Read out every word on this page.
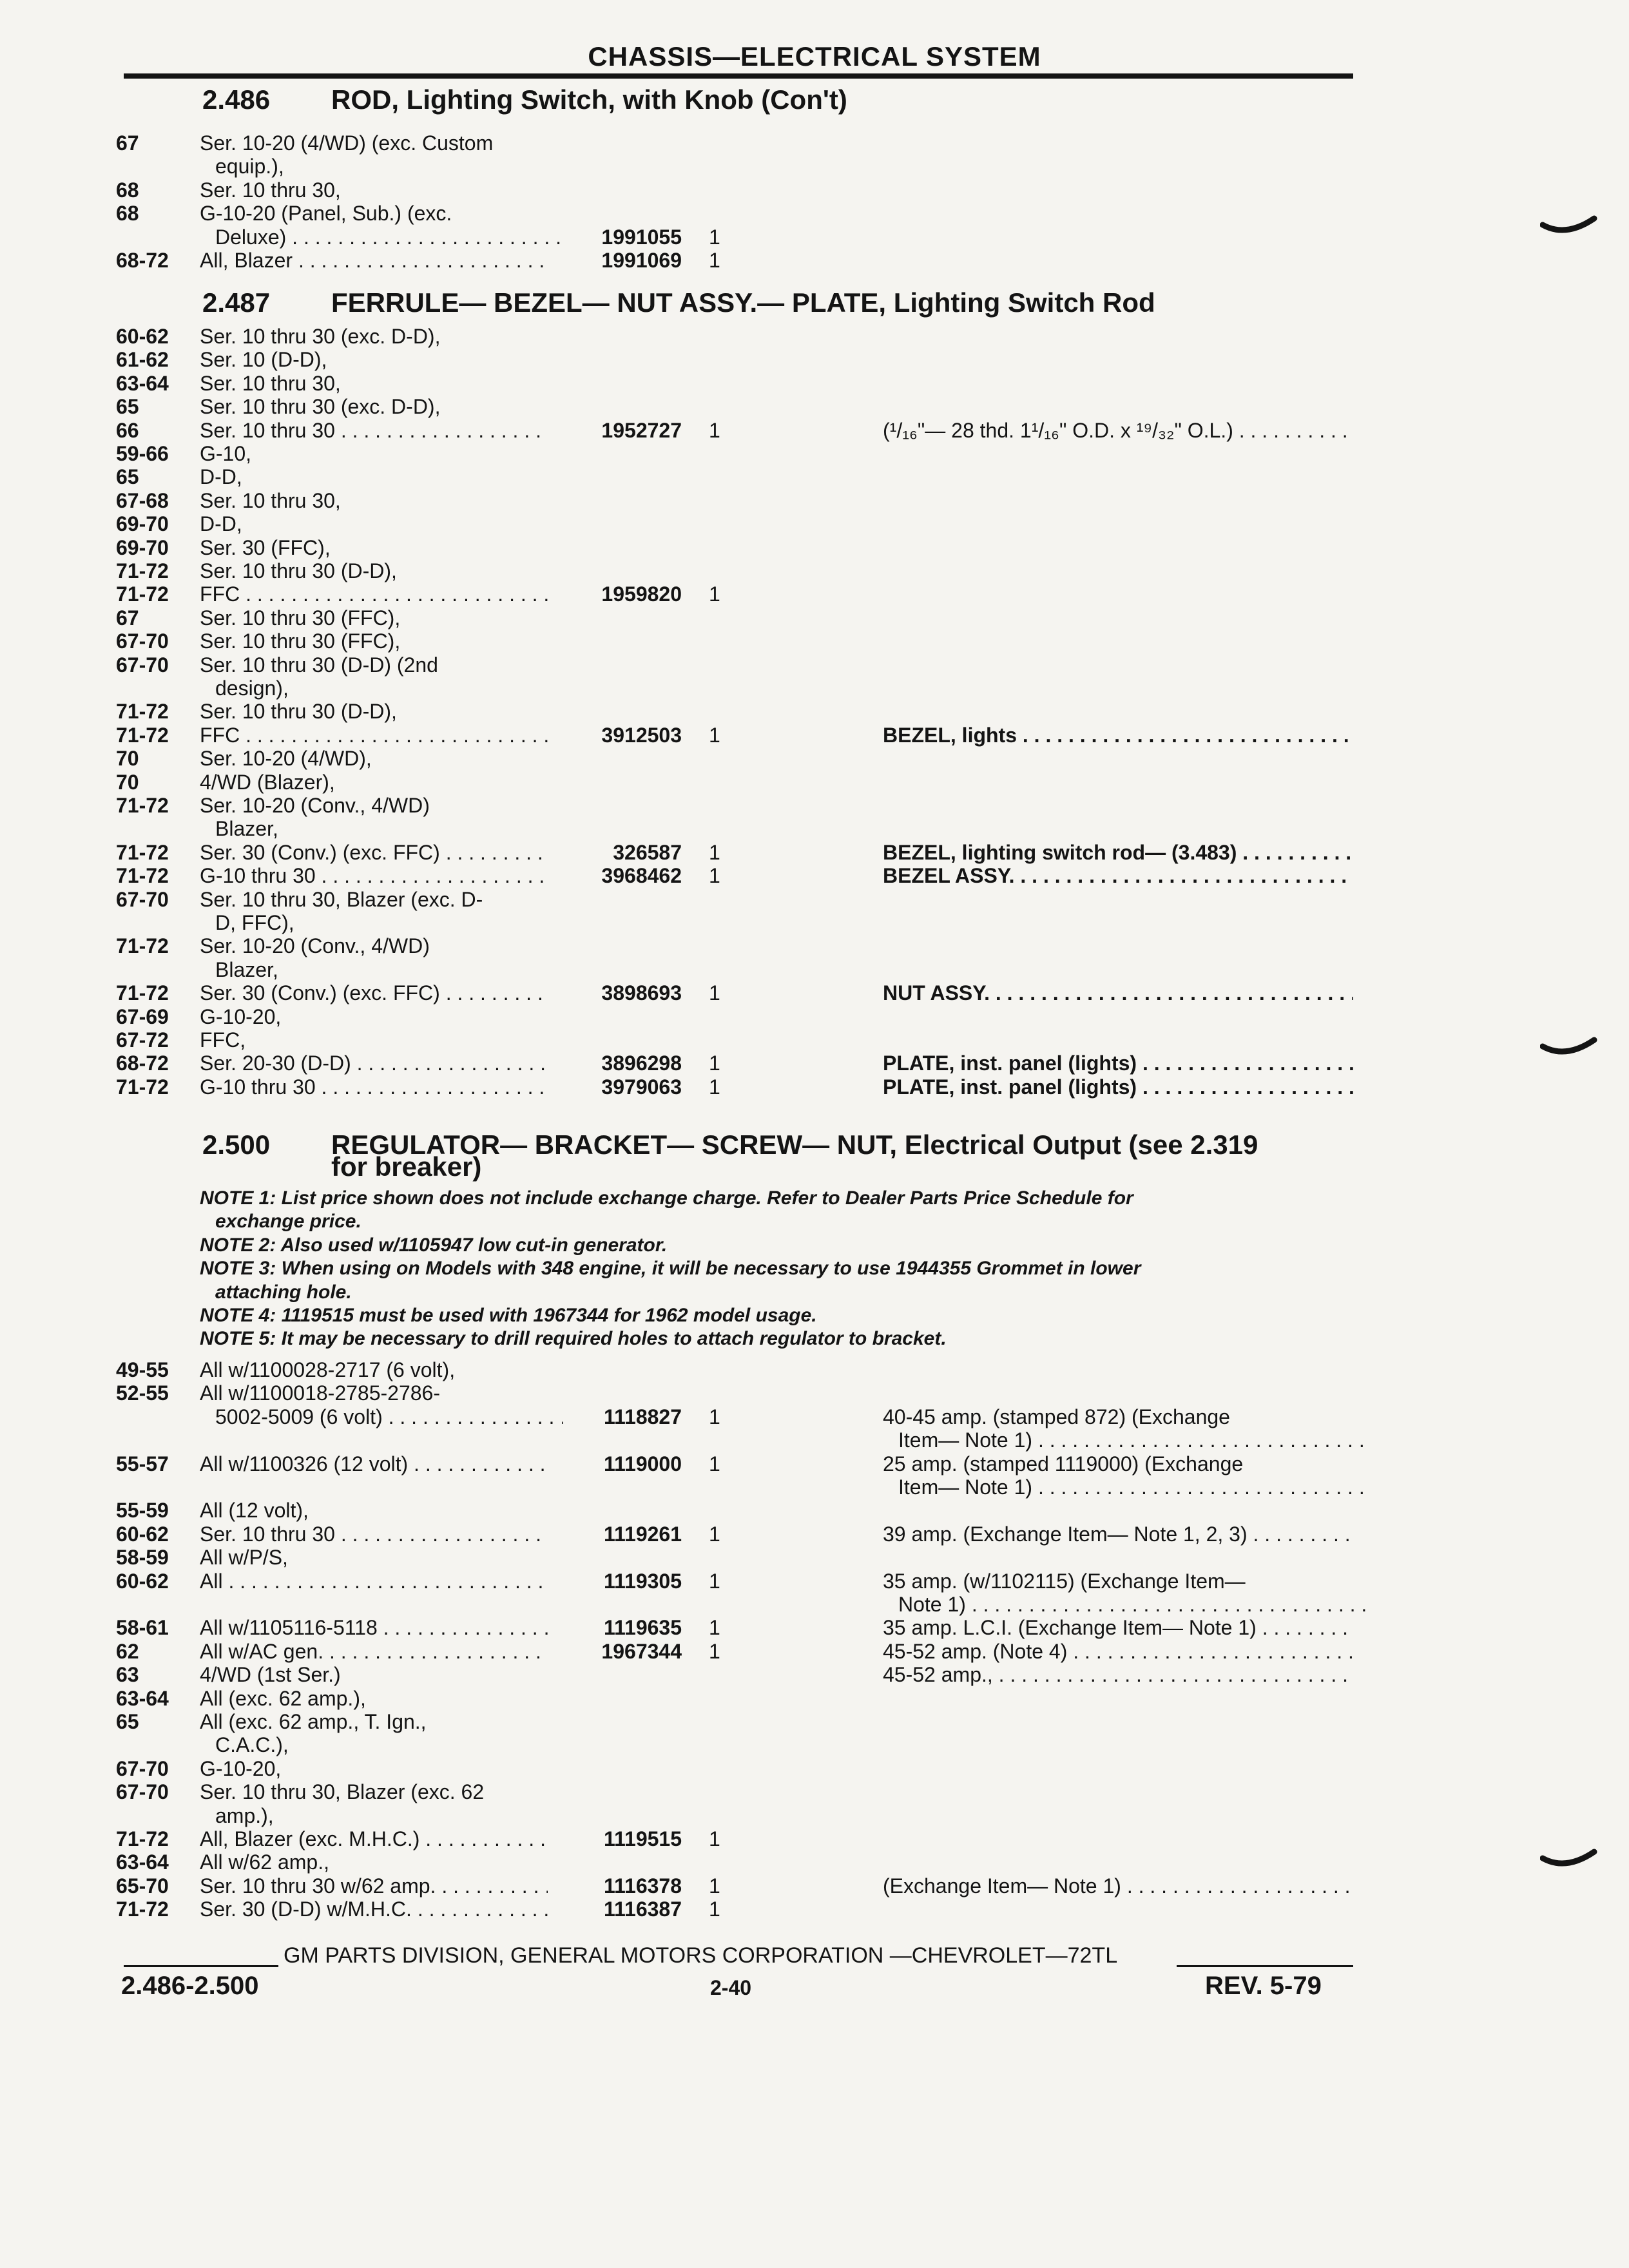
CHASSIS—ELECTRICAL SYSTEM
2.486 ROD, Lighting Switch, with Knob (Con't)
67	Ser. 10-20 (4/WD) (exc. Custom
equip.),
68	Ser. 10 thru 30,
68	G-10-20 (Panel, Sub.) (exc.
Deluxe) . . .	1991055 1
68-72 All, Blazer . . .	1991069 1
2.487 FERRULE— BEZEL— NUT ASSY.— PLATE, Lighting Switch Rod
60-62 Ser. 10 thru 30 (exc. D-D),
61-62 Ser. 10 (D-D),
63-64 Ser. 10 thru 30,
65	Ser. 10 thru 30 (exc. D-D),
66	Ser. 10 thru 30 . . .	1952727 1	(¹/₁₆"— 28 thd. 1¹/₁₆" O.D. x ¹⁹/₃₂" O.L.) . . .
59-66 G-10,
65	D-D,
67-68 Ser. 10 thru 30,
69-70 D-D,
69-70 Ser. 30 (FFC),
71-72 Ser. 10 thru 30 (D-D),
71-72 FFC . . .	1959820 1
67	Ser. 10 thru 30 (FFC),
67-70 Ser. 10 thru 30 (FFC),
67-70 Ser. 10 thru 30 (D-D) (2nd
design),
71-72 Ser. 10 thru 30 (D-D),
71-72 FFC . . .	3912503 1	BEZEL, lights . . .
70	Ser. 10-20 (4/WD),
70	4/WD (Blazer),
71-72 Ser. 10-20 (Conv., 4/WD)
Blazer,
71-72 Ser. 30 (Conv.) (exc. FFC) . . .	326587 1	BEZEL, lighting switch rod— (3.483) . . .
71-72 G-10 thru 30 . . .	3968462 1	BEZEL ASSY. . . .
67-70 Ser. 10 thru 30, Blazer (exc. D-
D, FFC),
71-72 Ser. 10-20 (Conv., 4/WD)
Blazer,
71-72 Ser. 30 (Conv.) (exc. FFC) . . .	3898693 1	NUT ASSY. . . .
67-69 G-10-20,
67-72 FFC,
68-72 Ser. 20-30 (D-D) . . .	3896298 1	PLATE, inst. panel (lights) . . .
71-72 G-10 thru 30 . . .	3979063 1	PLATE, inst. panel (lights) . . .
2.500 REGULATOR— BRACKET— SCREW— NUT, Electrical Output (see 2.319
for breaker)
NOTE 1: List price shown does not include exchange charge. Refer to Dealer Parts Price Schedule for
exchange price.
NOTE 2: Also used w/1105947 low cut-in generator.
NOTE 3: When using on Models with 348 engine, it will be necessary to use 1944355 Grommet in lower
attaching hole.
NOTE 4: 1119515 must be used with 1967344 for 1962 model usage.
NOTE 5: It may be necessary to drill required holes to attach regulator to bracket.
49-55 All w/1100028-2717 (6 volt),
52-55 All w/1100018-2785-2786-
5002-5009 (6 volt) . . .	1118827 1	40-45 amp. (stamped 872) (Exchange
Item— Note 1) . . .
55-57 All w/1100326 (12 volt) . . .	1119000 1	25 amp. (stamped 1119000) (Exchange
Item— Note 1) . . .
55-59 All (12 volt),
60-62 Ser. 10 thru 30 . . .	1119261 1	39 amp. (Exchange Item— Note 1, 2, 3) . . .
58-59 All w/P/S,
60-62 All . . .	1119305 1	35 amp. (w/1102115) (Exchange Item—
Note 1) . . .
58-61 All w/1105116-5118 . . .	1119635 1	35 amp. L.C.I. (Exchange Item— Note 1) . . .
62	All w/AC gen. . . .	1967344 1	45-52 amp. (Note 4) . . .
63	4/WD (1st Ser.)	45-52 amp., . . .
63-64 All (exc. 62 amp.),
65	All (exc. 62 amp., T. Ign.,
C.A.C.),
67-70 G-10-20,
67-70 Ser. 10 thru 30, Blazer (exc. 62
amp.),
71-72 All, Blazer (exc. M.H.C.) . . .	1119515 1
63-64 All w/62 amp.,
65-70 Ser. 10 thru 30 w/62 amp. . . .	1116378 1	(Exchange Item— Note 1) . . .
71-72 Ser. 30 (D-D) w/M.H.C. . . .	1116387 1
GM PARTS DIVISION, GENERAL MOTORS CORPORATION —CHEVROLET—72TL
2.486-2.500	2-40	REV. 5-79
